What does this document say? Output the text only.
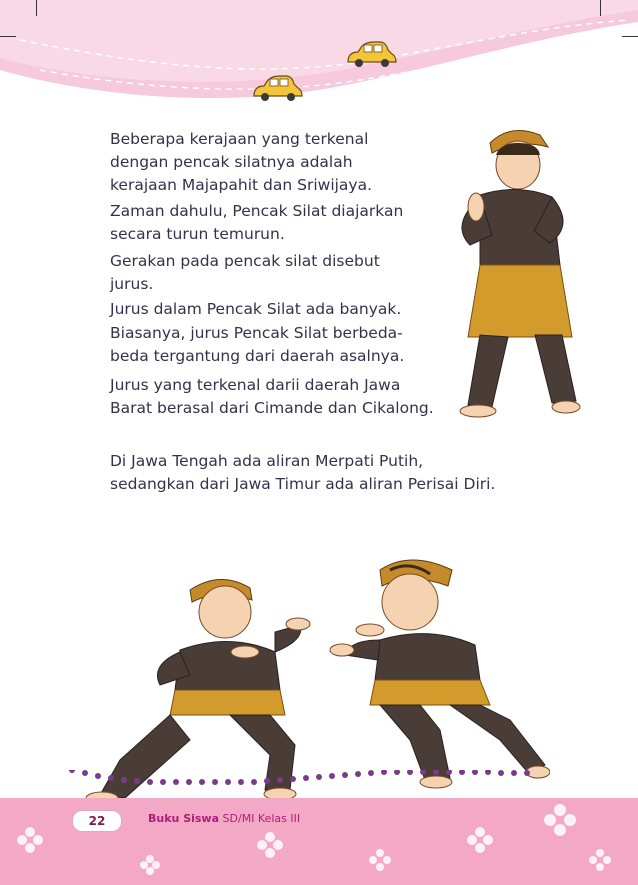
Beberapa kerajaan yang terkenal dengan pencak silatnya adalah kerajaan Majapahit dan Sriwijaya.

Zaman dahulu, Pencak Silat diajarkan secara turun temurun.

Gerakan pada pencak silat disebut jurus.

Jurus dalam Pencak Silat ada banyak.

Biasanya, jurus Pencak Silat berbeda-beda tergantung dari daerah asalnya.

Jurus yang terkenal darii daerah Jawa Barat berasal dari Cimande dan Cikalong.

Di Jawa Tengah ada aliran Merpati Putih, sedangkan dari Jawa Timur ada aliran Perisai Diri.

22	Buku Siswa SD/MI Kelas III
